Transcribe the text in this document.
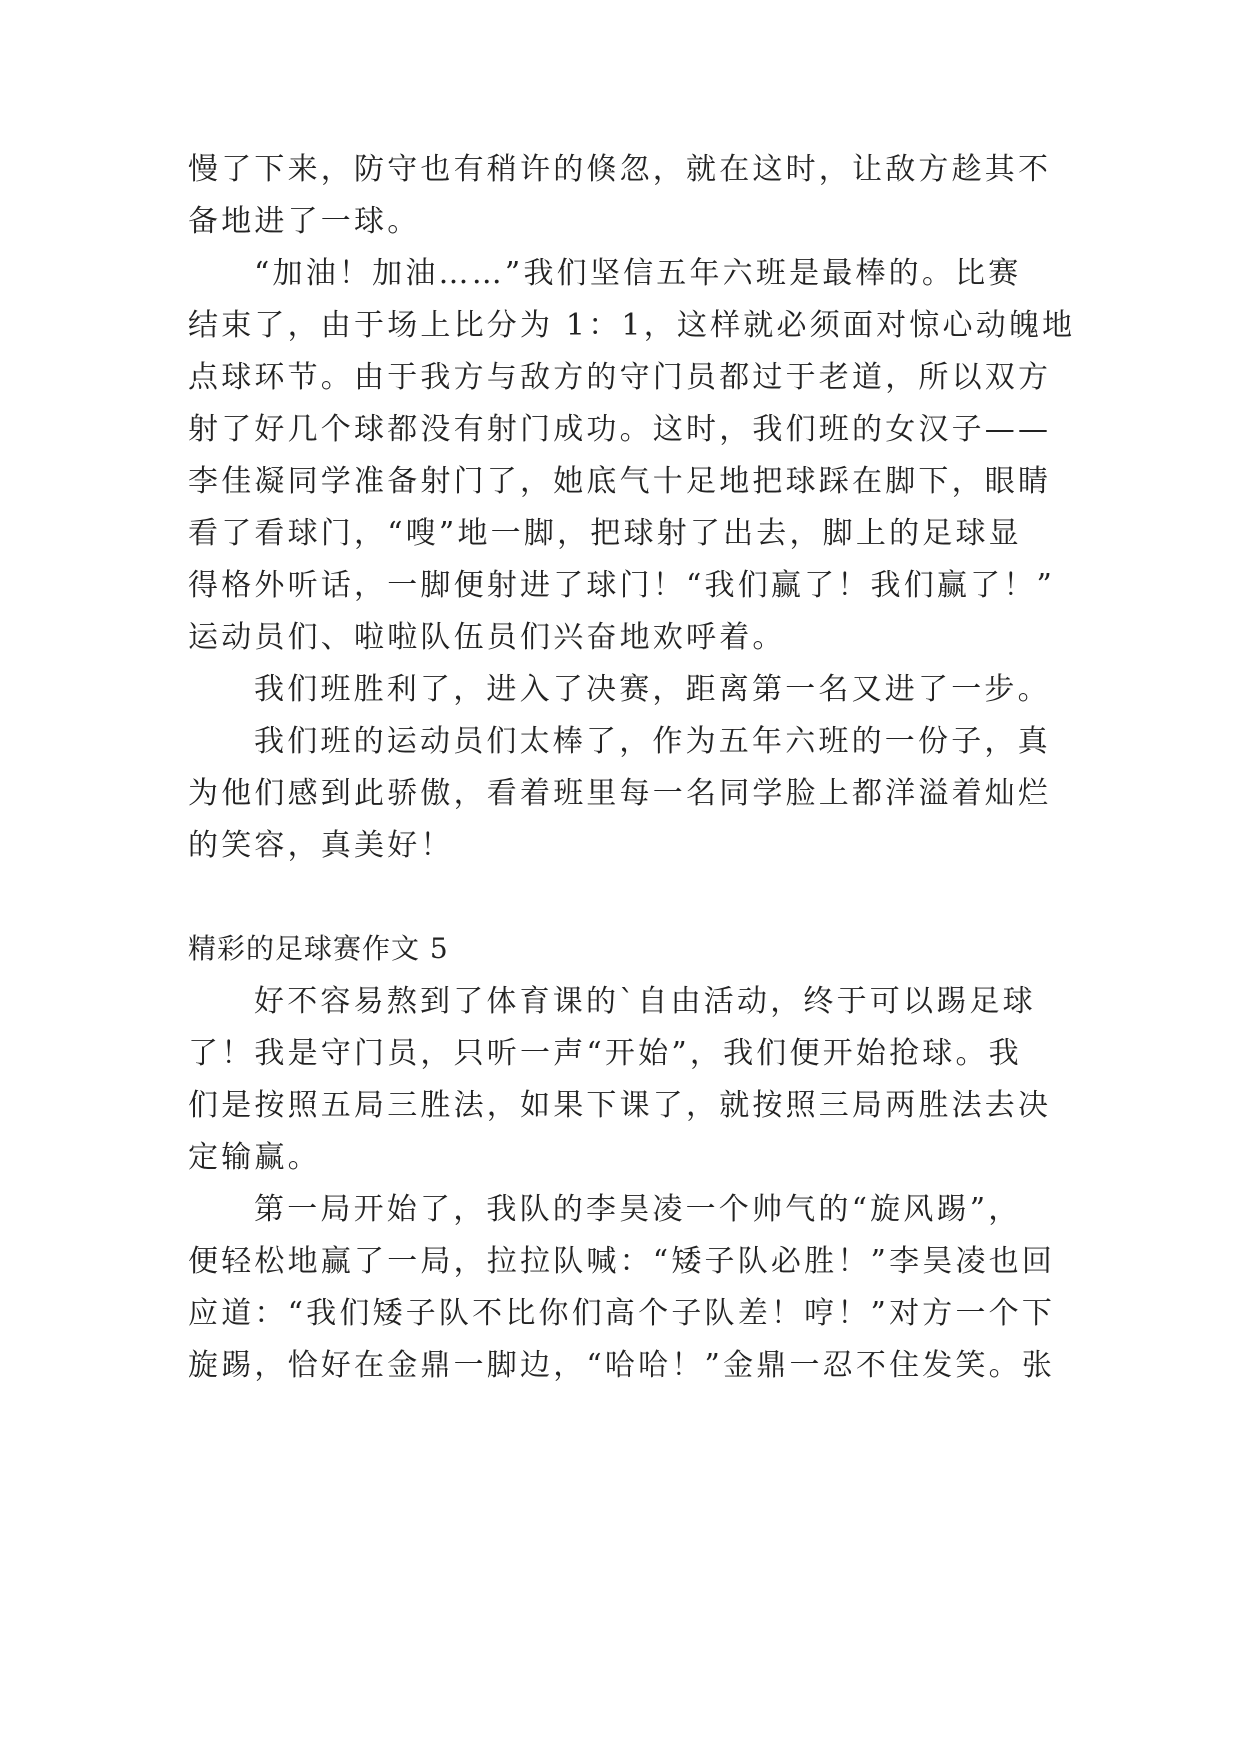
慢了下来，防守也有稍许的倏忽，就在这时，让敌方趁其不
备地进了一球。
“加油！加油……”我们坚信五年六班是最棒的。比赛
结束了，由于场上比分为 1：1，这样就必须面对惊心动魄地
点球环节。由于我方与敌方的守门员都过于老道，所以双方
射了好几个球都没有射门成功。这时，我们班的女汉子——
李佳凝同学准备射门了，她底气十足地把球踩在脚下，眼睛
看了看球门，“嗖”地一脚，把球射了出去，脚上的足球显
得格外听话，一脚便射进了球门！“我们赢了！我们赢了！”
运动员们、啦啦队伍员们兴奋地欢呼着。
我们班胜利了，进入了决赛，距离第一名又进了一步。
我们班的运动员们太棒了，作为五年六班的一份子，真
为他们感到此骄傲，看着班里每一名同学脸上都洋溢着灿烂
的笑容，真美好！
精彩的足球赛作文 5
好不容易熬到了体育课的`自由活动，终于可以踢足球
了！我是守门员，只听一声“开始”，我们便开始抢球。我
们是按照五局三胜法，如果下课了，就按照三局两胜法去决
定输赢。
第一局开始了，我队的李昊凌一个帅气的“旋风踢”，
便轻松地赢了一局，拉拉队喊：“矮子队必胜！”李昊凌也回
应道：“我们矮子队不比你们高个子队差！哼！”对方一个下
旋踢，恰好在金鼎一脚边，“哈哈！”金鼎一忍不住发笑。张
